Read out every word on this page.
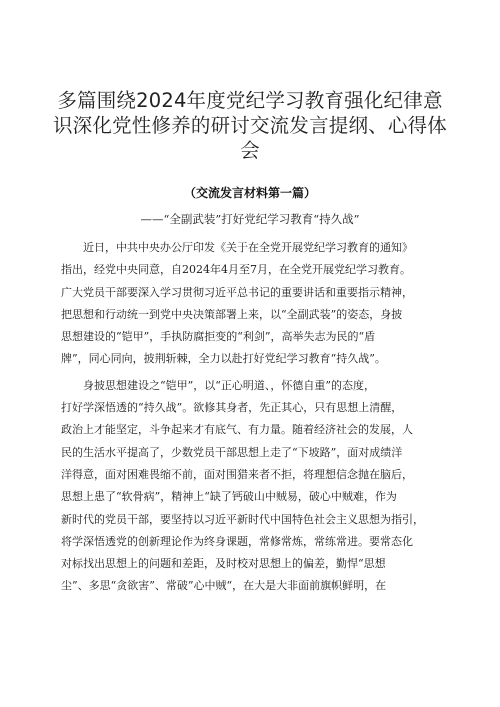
多篇围绕2024年度党纪学习教育强化纪律意
识深化党性修养的研讨交流发言提纲、心得体
会
（交流发言材料第一篇）
——“全副武装”打好党纪学习教育“持久战”

近日，中共中央办公厅印发《关于在全党开展党纪学习教育的通知》
指出，经党中央同意，自2024年4月至7月，在全党开展党纪学习教育。
广大党员干部要深入学习贯彻习近平总书记的重要讲话和重要指示精神，
把思想和行动统一到党中央决策部署上来，以“全副武装”的姿态，身披
思想建设的“铠甲”，手执防腐拒变的“利剑”，高举失志为民的“盾
牌”，同心同向，披荆斩棘，全力以赴打好党纪学习教育“持久战”。

身披思想建设之“铠甲”，以“正心明道、，怀德自重”的态度，
打好学深悟透的“持久战”。欲修其身者，先正其心，只有思想上清醒，
政治上才能坚定，斗争起来才有底气、有力量。随着经济社会的发展，人
民的生活水平提高了，少数党员干部思想上走了“下坡路”，面对成绩洋
洋得意，面对困难畏缩不前，面对围猎来者不拒，将理想信念抛在脑后，
思想上患了“软骨病”，精神上“缺了钙破山中贼易，破心中贼难，作为
新时代的党员干部，要坚持以习近平新时代中国特色社会主义思想为指引，
将学深悟透党的创新理论作为终身课题，常修常炼，常练常进。要常态化
对标找出思想上的问题和差距，及时校对思想上的偏差，勤悍“思想
尘”、多思“贪欲害”、常破”心中贼“，在大是大非面前旗帜鲜明，在
